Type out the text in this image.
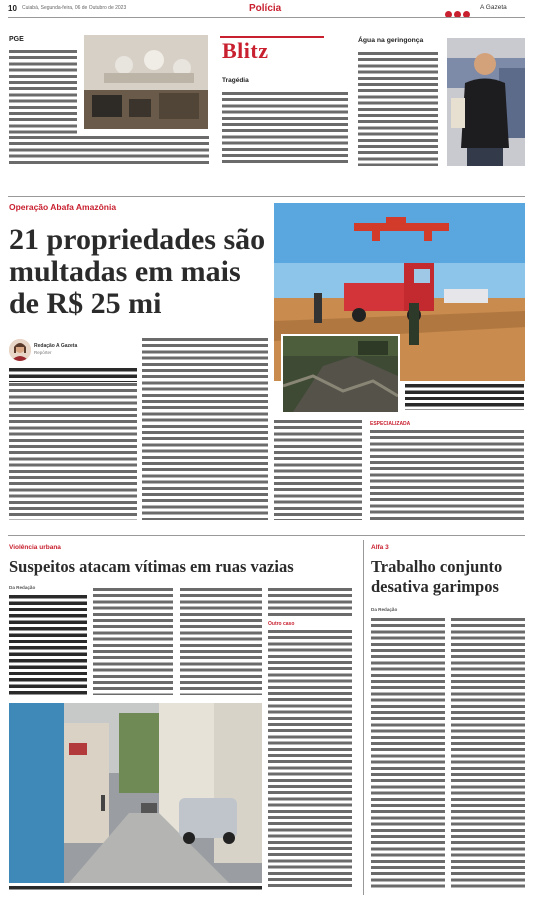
10 Cuiabá, Segunda-feira, 06 de Outubro de 2023	Polícia	A Gazeta
PGE	Blitz
Tragédia
Água na geringonça
Operação Abafa Amazônia
21 propriedades são multadas em mais de R$ 25 mi
Redação A Gazeta
Repórter
ESPECIALIZADA
Violência urbana
Suspeitos atacam vítimas em ruas vazias
Da Redação
Outro caso
Alfa 3
Trabalho conjunto desativa garimpos
Da Redação
